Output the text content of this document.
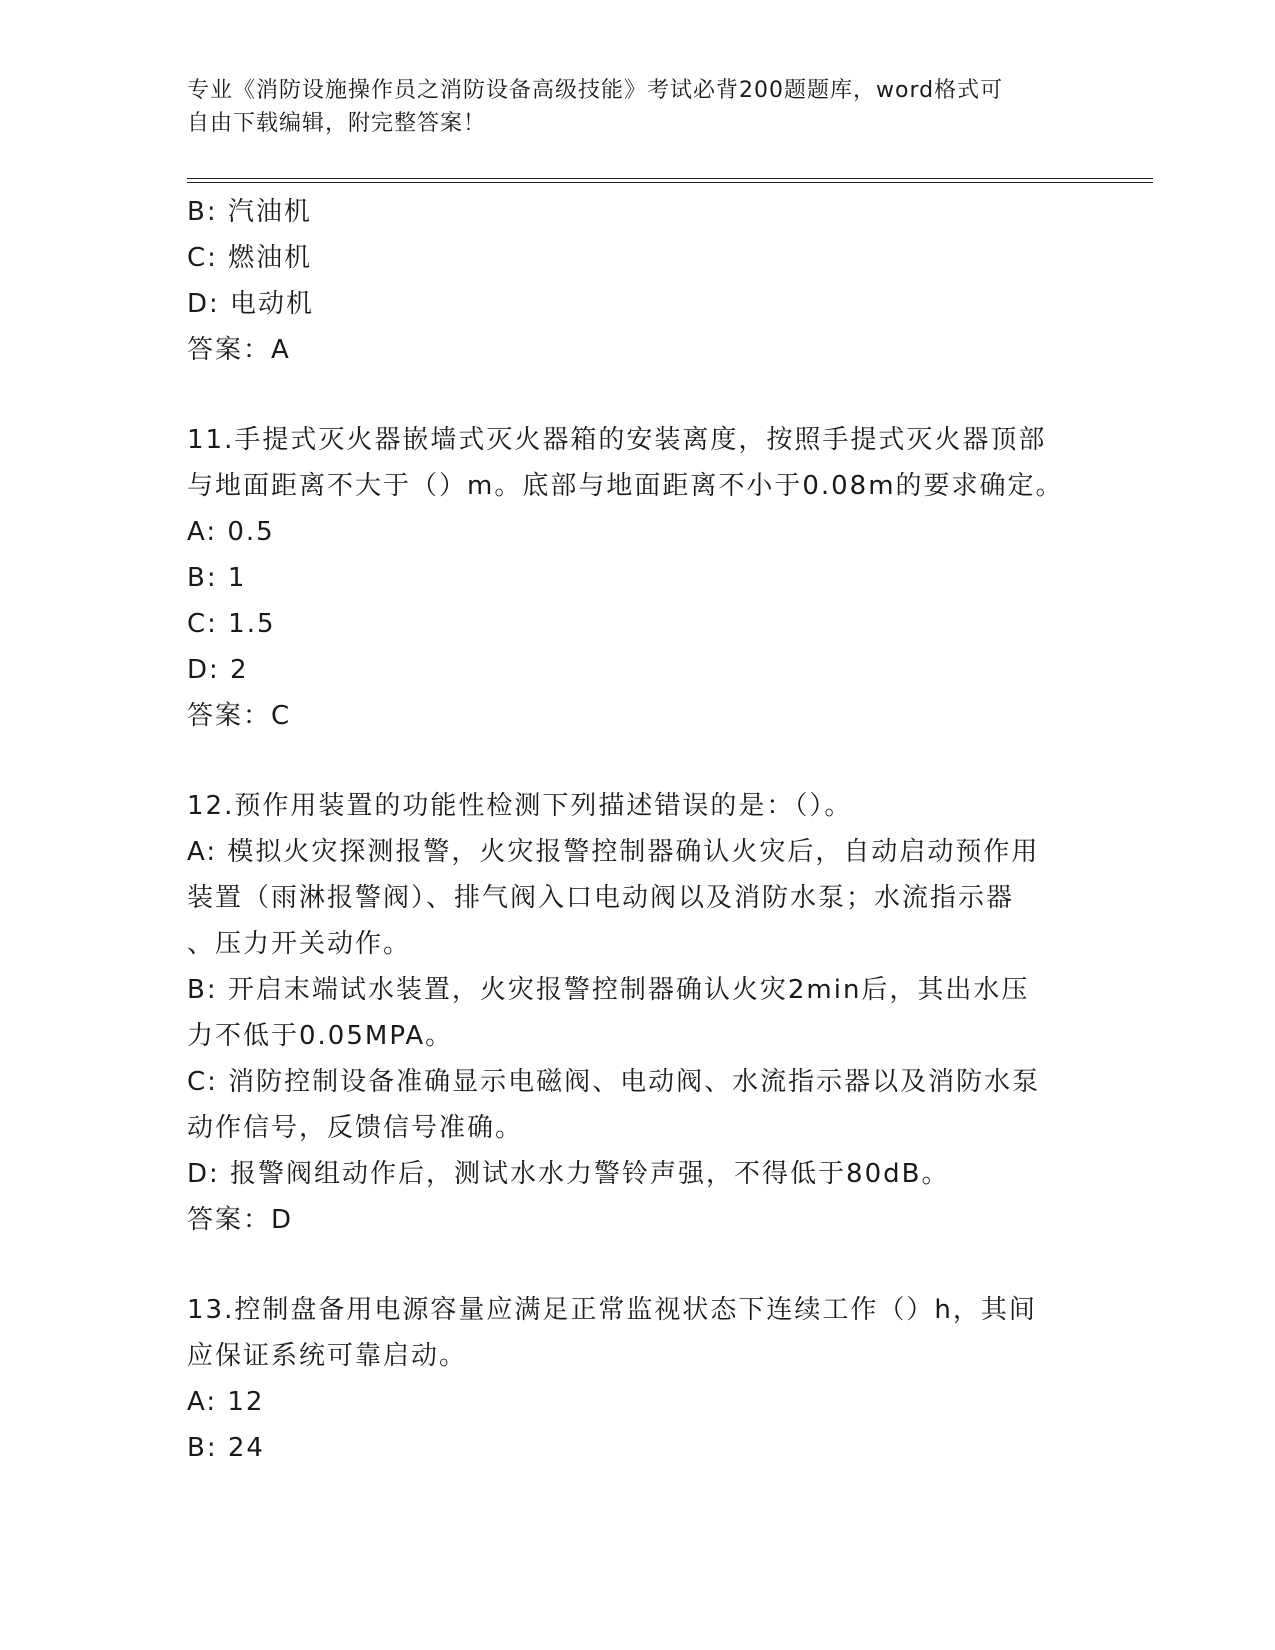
专业《消防设施操作员之消防设备高级技能》考试必背200题题库，word格式可
自由下载编辑，附完整答案！
B: 汽油机
C: 燃油机
D: 电动机
答案：A
11.手提式灭火器嵌墙式灭火器箱的安装离度，按照手提式灭火器顶部
与地面距离不大于（）m。底部与地面距离不小于0.08m的要求确定。
A: 0.5
B: 1
C: 1.5
D: 2
答案：C
12.预作用装置的功能性检测下列描述错误的是：（）。
A: 模拟火灾探测报警，火灾报警控制器确认火灾后，自动启动预作用
装置（雨淋报警阀）、排气阀入口电动阀以及消防水泵；水流指示器
、压力开关动作。
B: 开启末端试水装置，火灾报警控制器确认火灾2min后，其出水压
力不低于0.05MPA。
C: 消防控制设备准确显示电磁阀、电动阀、水流指示器以及消防水泵
动作信号，反馈信号准确。
D: 报警阀组动作后，测试水水力警铃声强，不得低于80dB。
答案：D
13.控制盘备用电源容量应满足正常监视状态下连续工作（）h，其间
应保证系统可靠启动。
A: 12
B: 24
